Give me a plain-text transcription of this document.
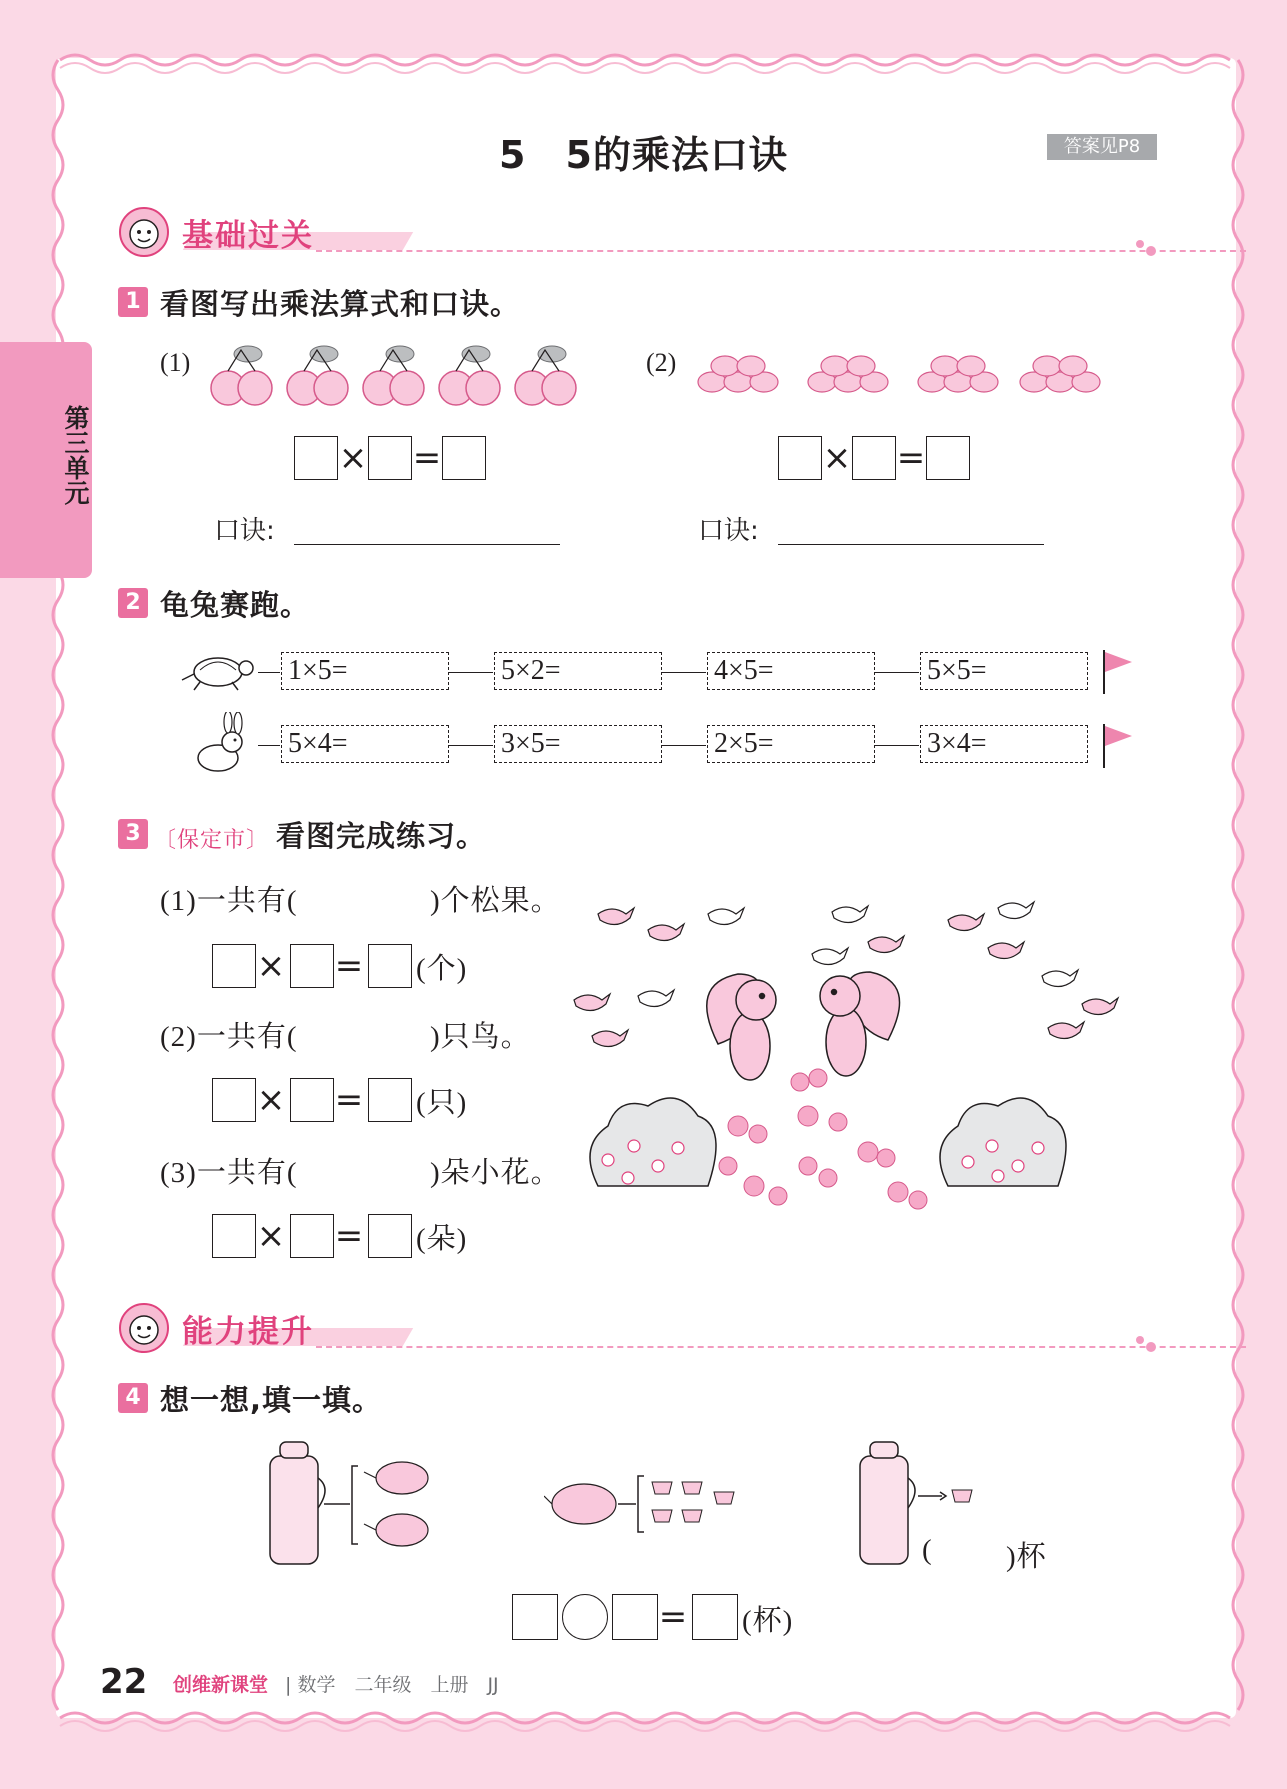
第三单元
5　5的乘法口诀	答案见P8
基础过关
1 看图写出乘法算式和口诀。
(1)	(2)
× =	× =
口诀:	口诀:
2 龟兔赛跑。
1×5=	5×2=	4×5=	5×5=
5×4=	3×5=	2×5=	3×4=
3 〔保定市〕 看图完成练习。
(1)一共有(	)个松果。
× = (个)
(2)一共有(	)只鸟。
× = (只)
(3)一共有(	)朵小花。
× = (朵)
能力提升
4 想一想,填一填。
(	)杯
= (杯)
22 创维新课堂 | 数学　二年级　上册　JJ
